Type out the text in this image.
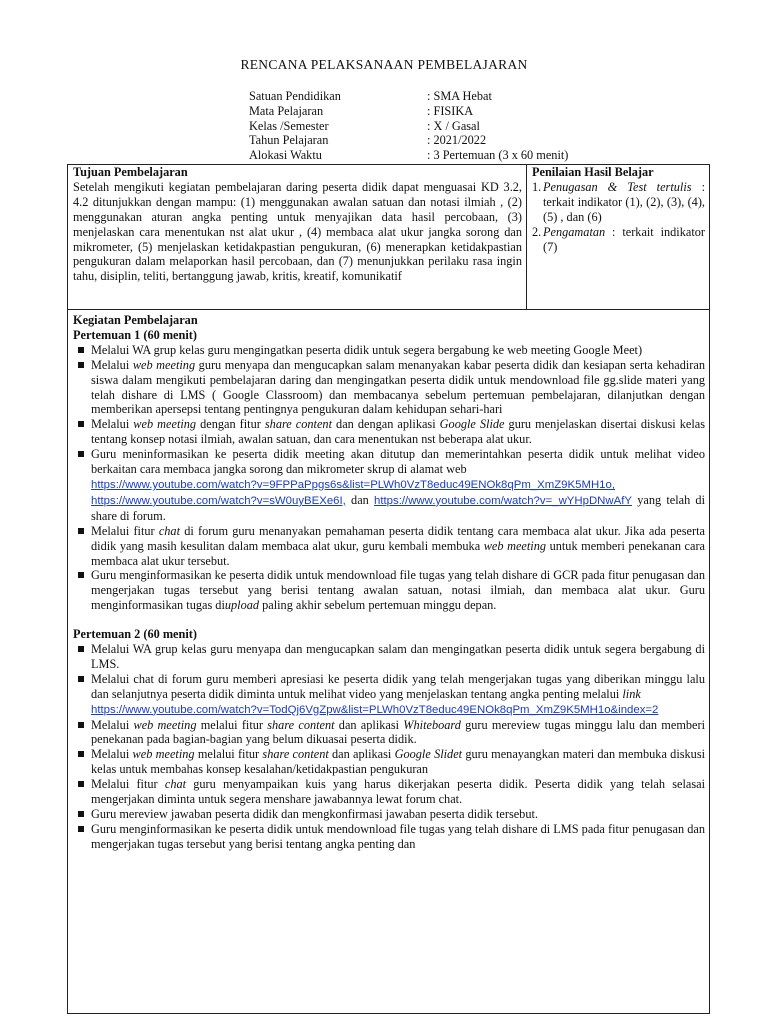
RENCANA PELAKSANAAN PEMBELAJARAN
Satuan Pendidikan	: SMA Hebat
Mata Pelajaran	: FISIKA
Kelas /Semester	: X / Gasal
Tahun Pelajaran	: 2021/2022
Alokasi Waktu	: 3 Pertemuan (3 x 60 menit)
Tujuan Pembelajaran
Setelah mengikuti kegiatan pembelajaran daring peserta didik dapat menguasai KD 3.2, 4.2 ditunjukkan dengan mampu: (1) menggunakan awalan satuan dan notasi ilmiah , (2) menggunakan aturan angka penting untuk menyajikan data hasil percobaan, (3) menjelaskan cara menentukan nst alat ukur , (4) membaca alat ukur jangka sorong dan mikrometer, (5) menjelaskan ketidakpastian pengukuran, (6) menerapkan ketidakpastian pengukuran dalam melaporkan hasil percobaan, dan (7) menunjukkan perilaku rasa ingin tahu, disiplin, teliti, bertanggung jawab, kritis, kreatif, komunikatif

Penilaian Hasil Belajar
1. Penugasan & Test tertulis : terkait indikator (1), (2), (3), (4), (5) , dan (6)
2. Pengamatan : terkait indikator (7)

Kegiatan Pembelajaran
Pertemuan 1 (60 menit)
Melalui WA grup kelas guru mengingatkan peserta didik untuk segera bergabung ke web meeting Google Meet)
Melalui web meeting guru menyapa dan mengucapkan salam menanyakan kabar peserta didik dan kesiapan serta kehadiran siswa dalam mengikuti pembelajaran daring dan mengingatkan peserta didik untuk mendownload file gg.slide materi yang telah dishare di LMS ( Google Classroom) dan membacanya sebelum pertemuan pembelajaran, dilanjutkan dengan memberikan apersepsi tentang pentingnya pengukuran dalam kehidupan sehari-hari
Melalui web meeting dengan fitur share content dan dengan aplikasi Google Slide guru menjelaskan disertai diskusi kelas tentang konsep notasi ilmiah, awalan satuan, dan cara menentukan nst beberapa alat ukur.
Guru meninformasikan ke peserta didik meeting akan ditutup dan memerintahkan peserta didik untuk melihat video berkaitan cara membaca jangka sorong dan mikrometer skrup di alamat web
https://www.youtube.com/watch?v=9FPPaPpgs6s&list=PLWh0VzT8educ49ENOk8qPm_XmZ9K5MH1o,
https://www.youtube.com/watch?v=sW0uyBEXe6I, dan https://www.youtube.com/watch?v=_wYHpDNwAfY yang telah di share di forum.
Melalui fitur chat di forum guru menanyakan pemahaman peserta didik tentang cara membaca alat ukur. Jika ada peserta didik yang masih kesulitan dalam membaca alat ukur, guru kembali membuka web meeting untuk memberi penekanan cara membaca alat ukur tersebut.
Guru menginformasikan ke peserta didik untuk mendownload file tugas yang telah dishare di GCR pada fitur penugasan dan mengerjakan tugas tersebut yang berisi tentang awalan satuan, notasi ilmiah, dan membaca alat ukur. Guru menginformasikan tugas diupload paling akhir sebelum pertemuan minggu depan.
Pertemuan 2 (60 menit)
Melalui WA grup kelas guru menyapa dan mengucapkan salam dan mengingatkan peserta didik untuk segera bergabung di LMS.
Melalui chat di forum guru memberi apresiasi ke peserta didik yang telah mengerjakan tugas yang diberikan minggu lalu dan selanjutnya peserta didik diminta untuk melihat video yang menjelaskan tentang angka penting melalui link
https://www.youtube.com/watch?v=TodQj6VgZpw&list=PLWh0VzT8educ49ENOk8qPm_XmZ9K5MH1o&index=2
Melalui web meeting melalui fitur share content dan aplikasi Whiteboard guru mereview tugas minggu lalu dan memberi penekanan pada bagian-bagian yang belum dikuasai peserta didik.
Melalui web meeting melalui fitur share content dan aplikasi Google Slidet guru menayangkan materi dan membuka diskusi kelas untuk membahas konsep kesalahan/ketidakpastian pengukuran
Melalui fitur chat guru menyampaikan kuis yang harus dikerjakan peserta didik. Peserta didik yang telah selasai mengerjakan diminta untuk segera menshare jawabannya lewat forum chat.
Guru mereview jawaban peserta didik dan mengkonfirmasi jawaban peserta didik tersebut.
Guru menginformasikan ke peserta didik untuk mendownload file tugas yang telah dishare di LMS pada fitur penugasan dan mengerjakan tugas tersebut yang berisi tentang angka penting dan
